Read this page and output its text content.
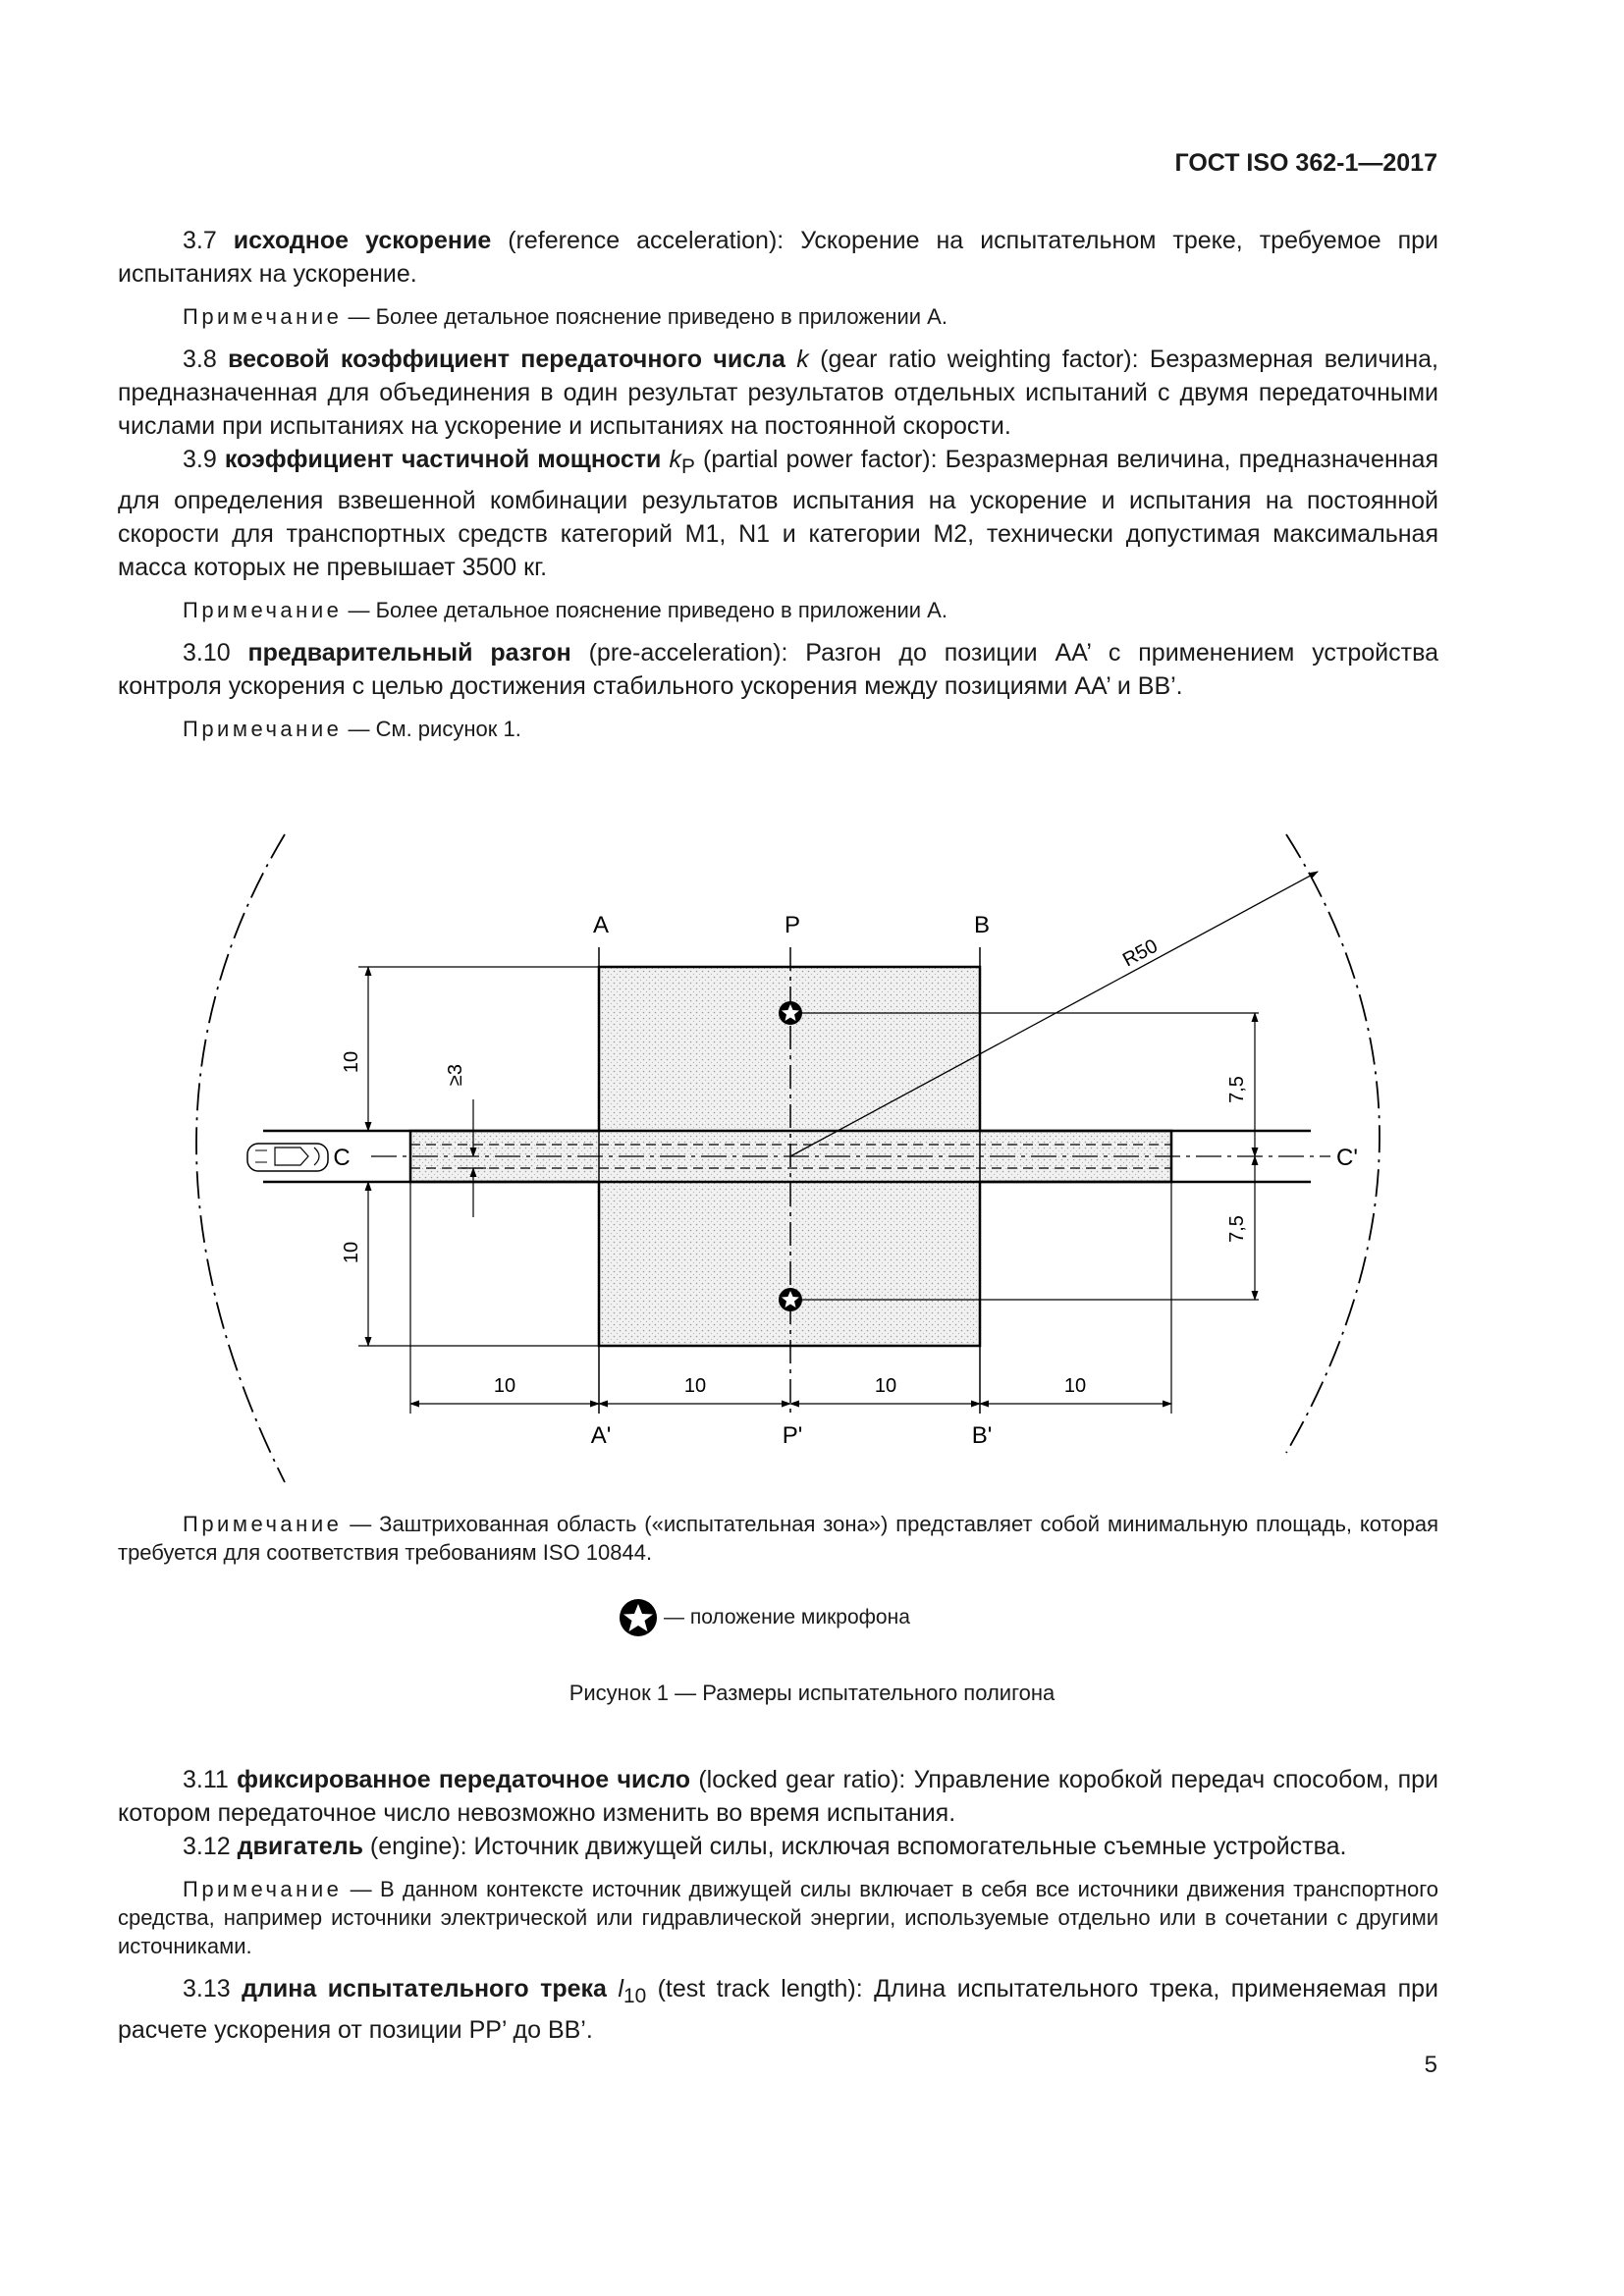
ГОСТ ISO 362-1—2017

3.7 исходное ускорение (reference acceleration): Ускорение на испытательном треке, требуемое при испытаниях на ускорение.

Примечание — Более детальное пояснение приведено в приложении А.

3.8 весовой коэффициент передаточного числа k (gear ratio weighting factor): Безразмерная величина, предназначенная для объединения в один результат результатов отдельных испытаний с двумя передаточными числами при испытаниях на ускорение и испытаниях на постоянной скорости.

3.9 коэффициент частичной мощности $k_P$ (partial power factor): Безразмерная величина, предназначенная для определения взвешенной комбинации результатов испытания на ускорение и испытания на постоянной скорости для транспортных средств категорий М1, N1 и категории М2, технически допустимая максимальная масса которых не превышает 3500 кг.

Примечание — Более детальное пояснение приведено в приложении А.

3.10 предварительный разгон (pre-acceleration): Разгон до позиции АА’ с применением устройства контроля ускорения с целью достижения стабильного ускорения между позициями АА’ и ВВ’.

Примечание — См. рисунок 1.

A	P	B
C	C'
A'	P'	B'
R50
10
10
≥3
7,5
7,5
10	10	10	10

Примечание — Заштрихованная область («испытательная зона») представляет собой минимальную площадь, которая требуется для соответствия требованиям ISO 10844.

— положение микрофона
Рисунок 1 — Размеры испытательного полигона

3.11 фиксированное передаточное число (locked gear ratio): Управление коробкой передач способом, при котором передаточное число невозможно изменить во время испытания.

3.12 двигатель (engine): Источник движущей силы, исключая вспомогательные съемные устройства.

Примечание — В данном контексте источник движущей силы включает в себя все источники движения транспортного средства, например источники электрической или гидравлической энергии, используемые отдельно или в сочетании с другими источниками.

3.13 длина испытательного трека $l_{10}$ (test track length): Длина испытательного трека, применяемая при расчете ускорения от позиции РР’ до ВВ’.

5
